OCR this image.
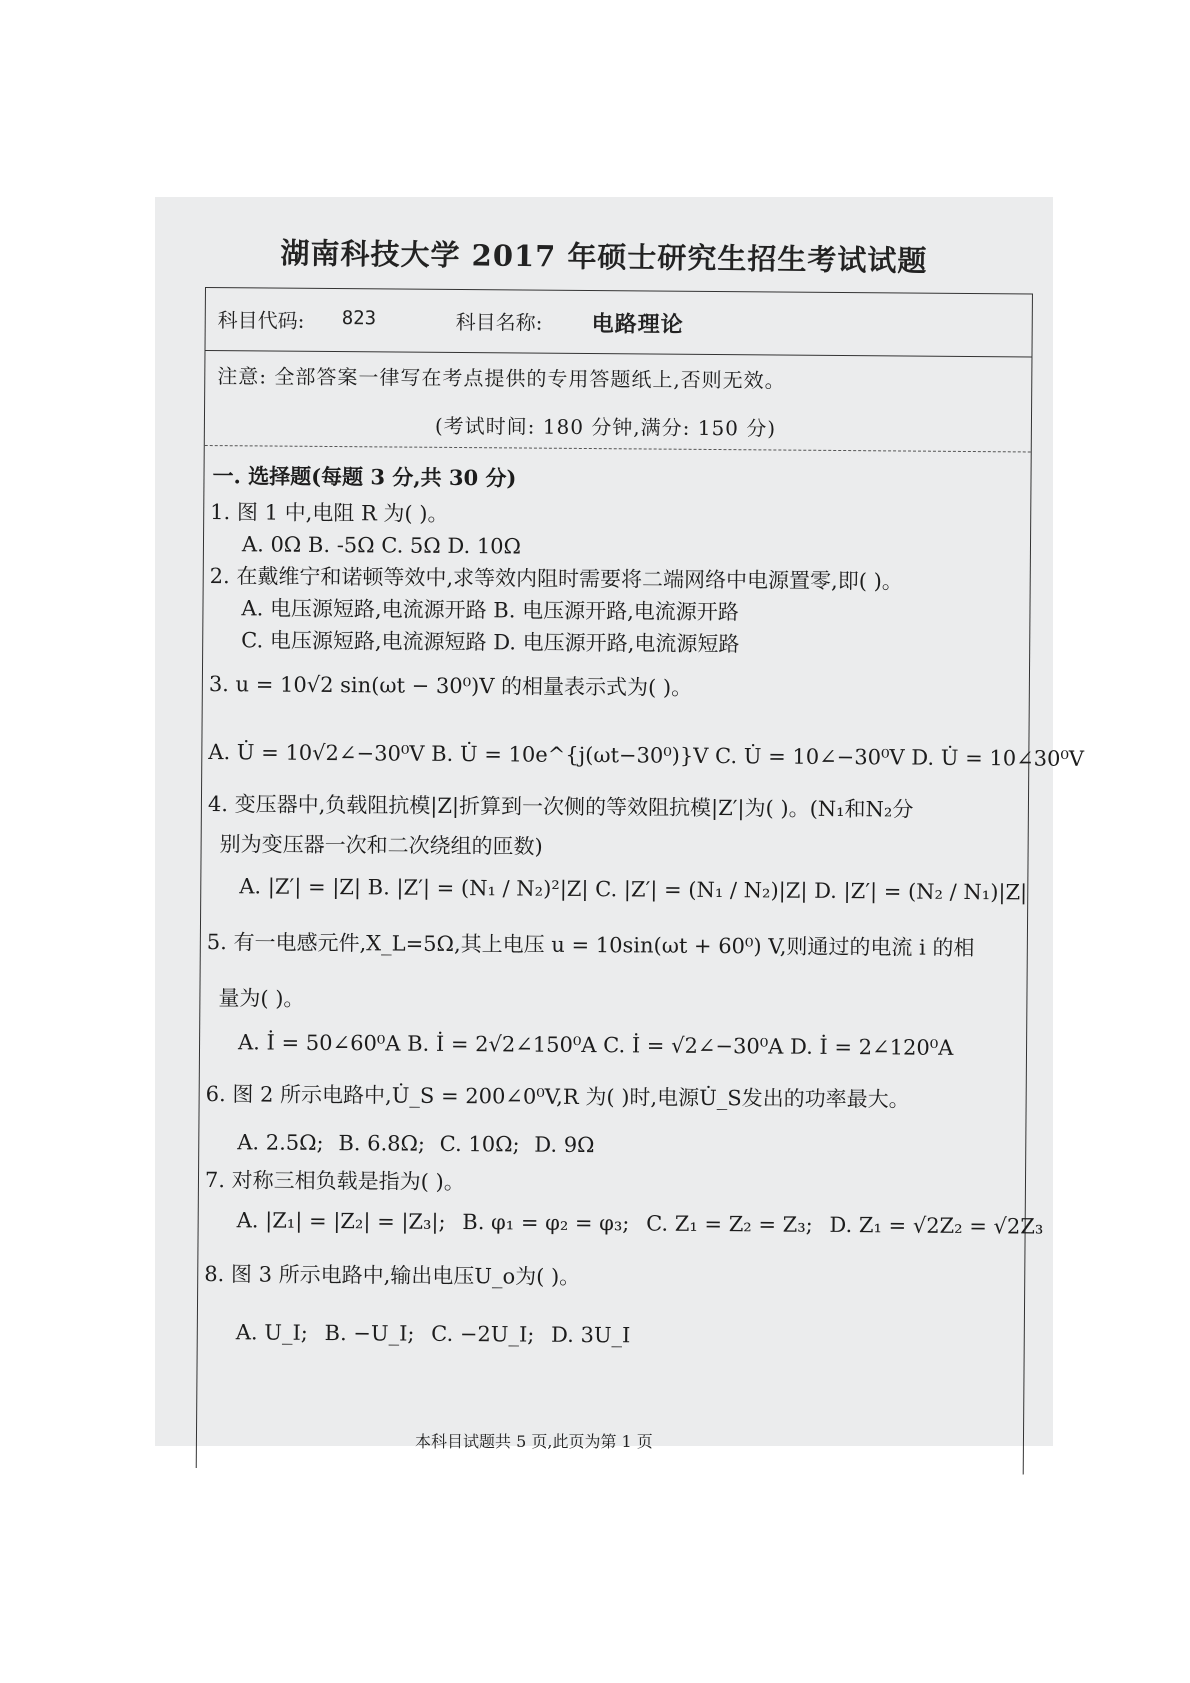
湖南科技大学 2017 年硕士研究生招生考试试题
科目代码: 823	科目名称: 电路理论
注意: 全部答案一律写在考点提供的专用答题纸上,否则无效。
(考试时间: 180 分钟,满分: 150 分)
一. 选择题(每题 3 分,共 30 分)
1. 图 1 中,电阻 R 为( )。
A. 0Ω B. -5Ω C. 5Ω D. 10Ω
2. 在戴维宁和诺顿等效中,求等效内阻时需要将二端网络中电源置零,即( )。
A. 电压源短路,电流源开路 B. 电压源开路,电流源开路
C. 电压源短路,电流源短路 D. 电压源开路,电流源短路
3. u = 10√2 sin(ωt − 30⁰)V 的相量表示式为( )。
A. U̇ = 10√2∠−30⁰V B. U̇ = 10e^{j(ωt−30⁰)}V C. U̇ = 10∠−30⁰V D. U̇ = 10∠30⁰V
4. 变压器中,负载阻抗模|Z|折算到一次侧的等效阻抗模|Z′|为( )。(N₁和N₂分
别为变压器一次和二次绕组的匝数)
A. |Z′| = |Z| B. |Z′| = (N₁ / N₂)²|Z| C. |Z′| = (N₁ / N₂)|Z| D. |Z′| = (N₂ / N₁)|Z|
5. 有一电感元件,X_L=5Ω,其上电压 u = 10sin(ωt + 60⁰) V,则通过的电流 i 的相
量为( )。
A. İ = 50∠60⁰A B. İ = 2√2∠150⁰A C. İ = √2∠−30⁰A D. İ = 2∠120⁰A
6. 图 2 所示电路中,U̇_S = 200∠0⁰V,R 为( )时,电源U̇_S发出的功率最大。
A. 2.5Ω; B. 6.8Ω; C. 10Ω; D. 9Ω
7. 对称三相负载是指为( )。
A. |Z₁| = |Z₂| = |Z₃|; B. φ₁ = φ₂ = φ₃; C. Z₁ = Z₂ = Z₃; D. Z₁ = √2Z₂ = √2Z₃
8. 图 3 所示电路中,输出电压U_o为( )。
A. U_I; B. −U_I; C. −2U_I; D. 3U_I
本科目试题共 5 页,此页为第 1 页
